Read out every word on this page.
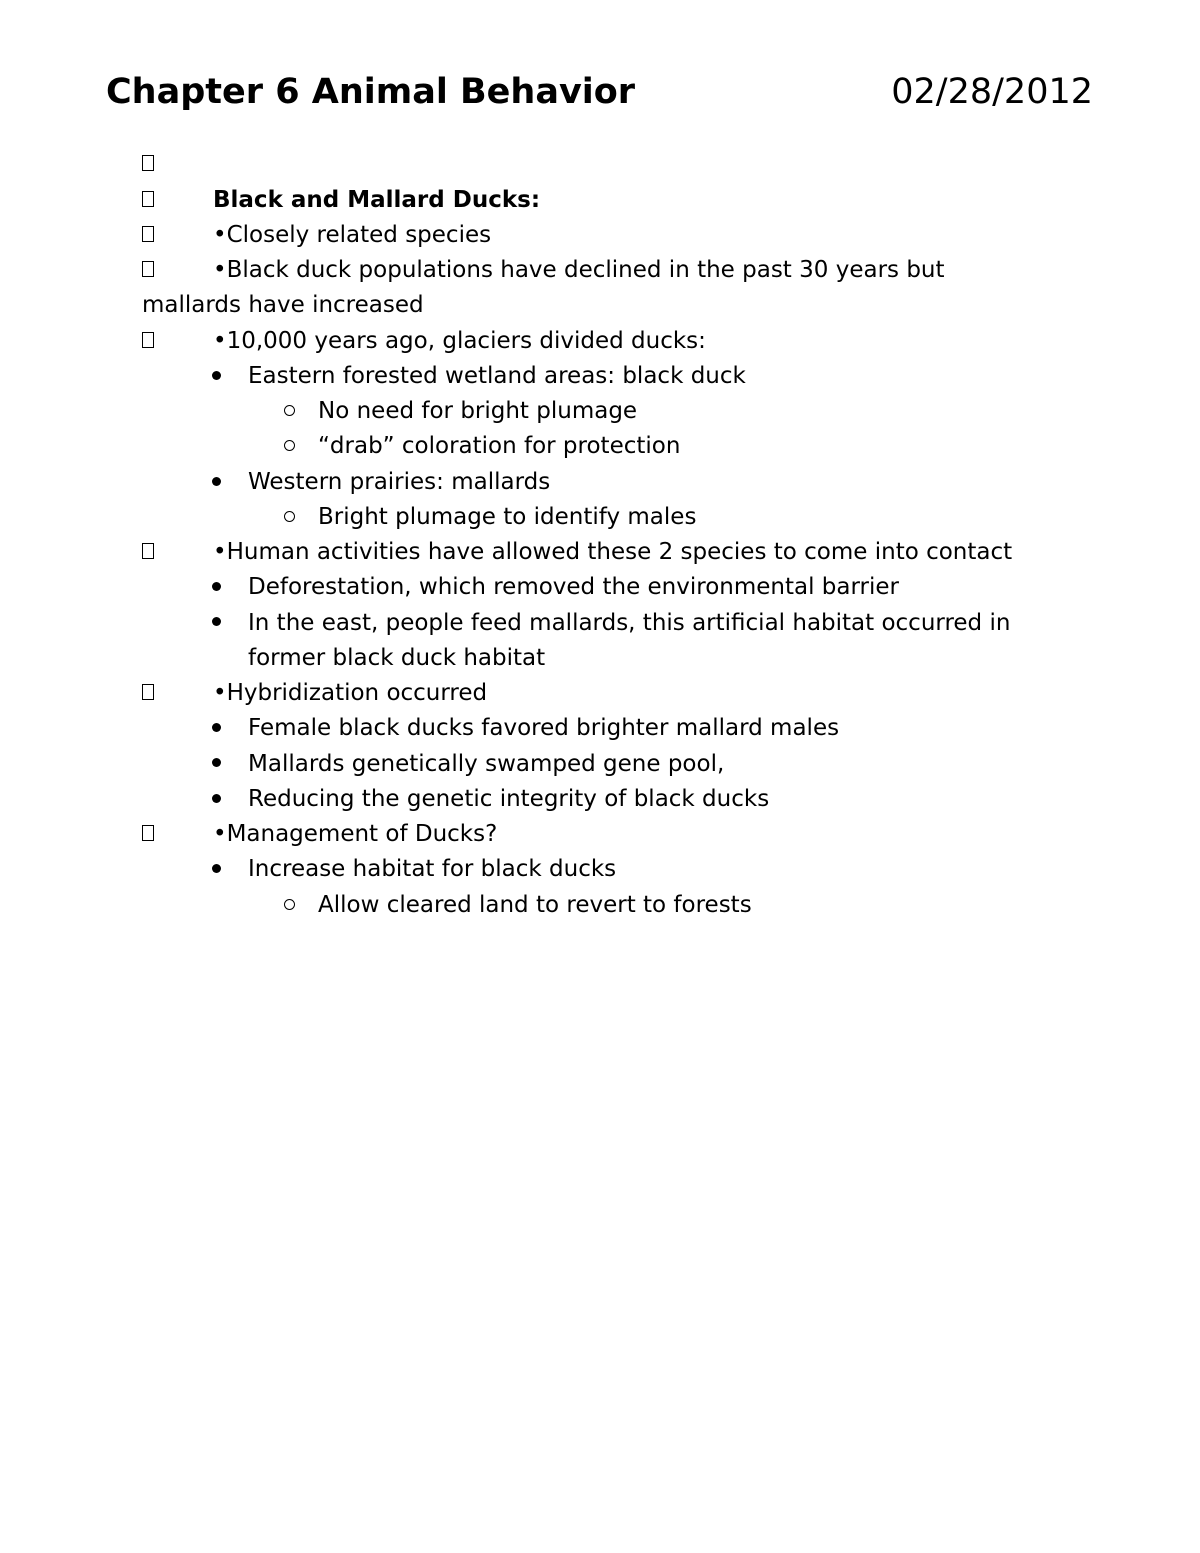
Chapter 6 Animal Behavior	02/28/2012
Black and Mallard Ducks:
•Closely related species
•Black duck populations have declined in the past 30 years but
mallards have increased
•10,000 years ago, glaciers divided ducks:
Eastern forested wetland areas: black duck
No need for bright plumage
“drab” coloration for protection
Western prairies: mallards
Bright plumage to identify males
•Human activities have allowed these 2 species to come into contact
Deforestation, which removed the environmental barrier
In the east, people feed mallards, this artificial habitat occurred in
former black duck habitat
•Hybridization occurred
Female black ducks favored brighter mallard males
Mallards genetically swamped gene pool,
Reducing the genetic integrity of black ducks
•Management of Ducks?
Increase habitat for black ducks
Allow cleared land to revert to forests
